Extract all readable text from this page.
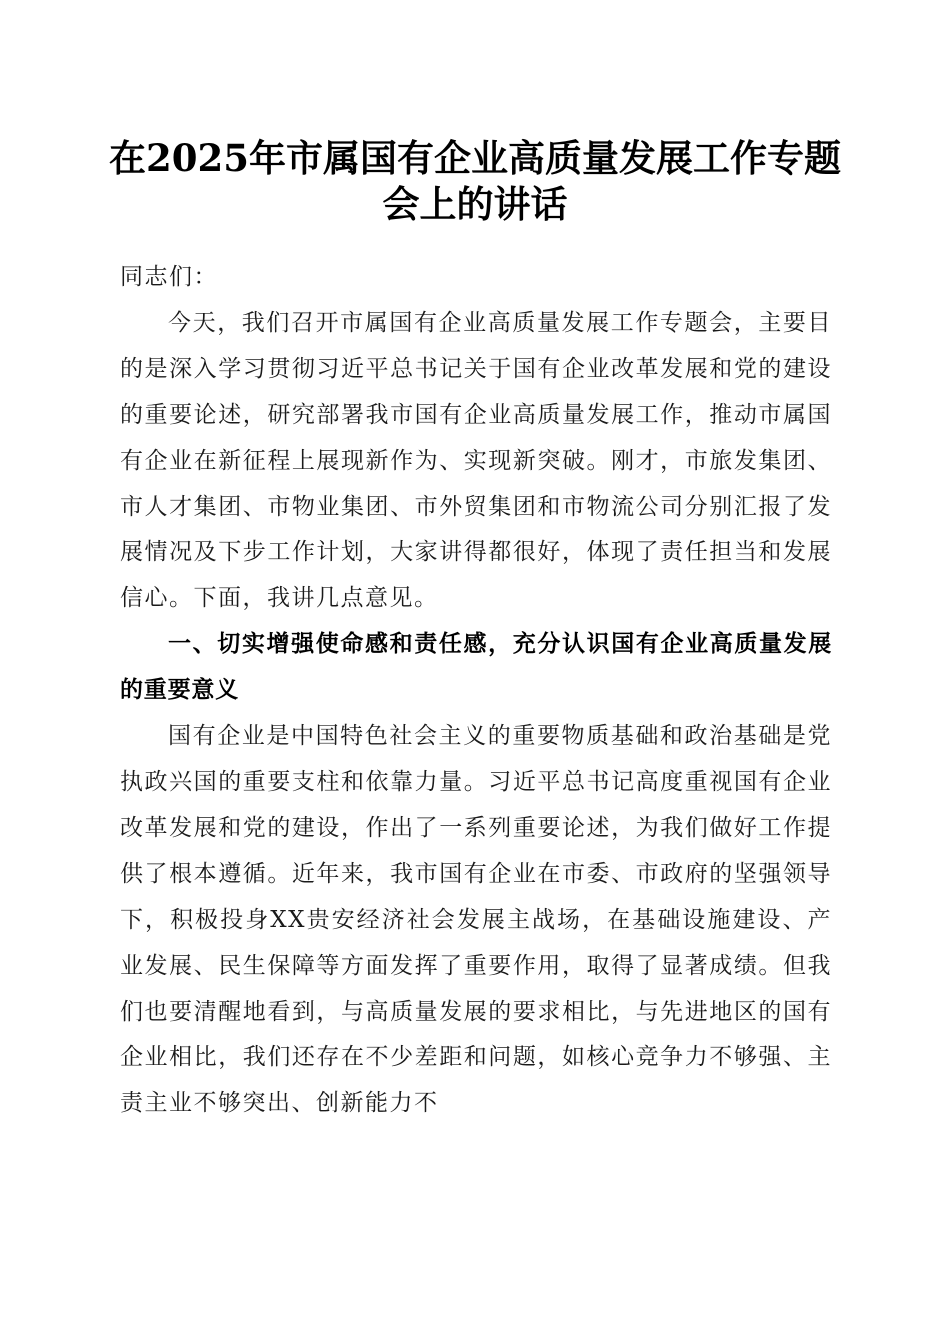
在2025年市属国有企业高质量发展工作专题
会上的讲话

同志们：

今天，我们召开市属国有企业高质量发展工作专题会，主要目的是深入学习贯彻习近平总书记关于国有企业改革发展和党的建设的重要论述，研究部署我市国有企业高质量发展工作，推动市属国有企业在新征程上展现新作为、实现新突破。刚才，市旅发集团、市人才集团、市物业集团、市外贸集团和市物流公司分别汇报了发展情况及下步工作计划，大家讲得都很好，体现了责任担当和发展信心。下面，我讲几点意见。

一、切实增强使命感和责任感，充分认识国有企业高质量发展的重要意义

国有企业是中国特色社会主义的重要物质基础和政治基础是党执政兴国的重要支柱和依靠力量。习近平总书记高度重视国有企业改革发展和党的建设，作出了一系列重要论述，为我们做好工作提供了根本遵循。近年来，我市国有企业在市委、市政府的坚强领导下，积极投身XX贵安经济社会发展主战场，在基础设施建设、产业发展、民生保障等方面发挥了重要作用，取得了显著成绩。但我们也要清醒地看到，与高质量发展的要求相比，与先进地区的国有企业相比，我们还存在不少差距和问题，如核心竞争力不够强、主责主业不够突出、创新能力不
